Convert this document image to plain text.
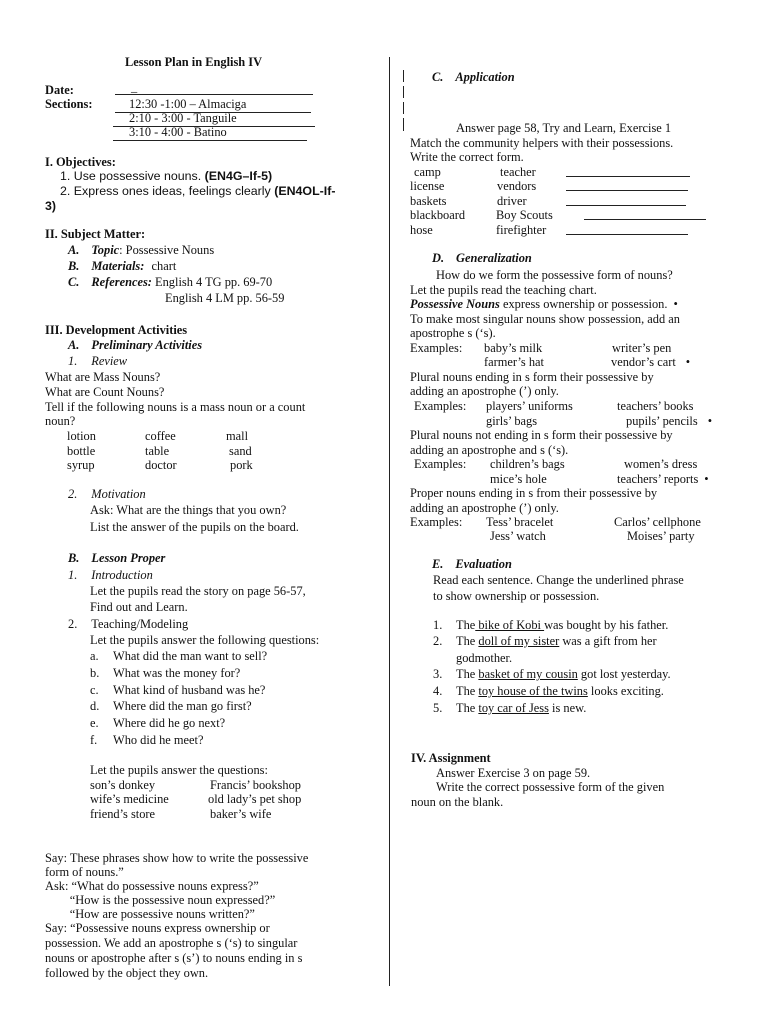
Lesson Plan in English IV
Date:	_
Sections:	12:30 -1:00 – Almaciga
2:10 - 3:00 - Tanguile
3:10 - 4:00 - Batino
I. Objectives:
1. Use possessive nouns. (EN4G–If-5)
2. Express ones ideas, feelings clearly (EN4OL-If-
3)
II. Subject Matter:
A. Topic: Possessive Nouns
B. Materials: chart
C. References: English 4 TG pp. 69-70
English 4 LM pp. 56-59
III. Development Activities
A. Preliminary Activities
1. Review
What are Mass Nouns?
What are Count Nouns?
Tell if the following nouns is a mass noun or a count
noun?
lotion	coffee	mall
bottle	table	sand
syrup	doctor	pork
2. Motivation
Ask: What are the things that you own?
List the answer of the pupils on the board.
B. Lesson Proper
1. Introduction
Let the pupils read the story on page 56-57,
Find out and Learn.
2. Teaching/Modeling
Let the pupils answer the following questions:
a. What did the man want to sell?
b. What was the money for?
c. What kind of husband was he?
d. Where did the man go first?
e. Where did he go next?
f. Who did he meet?
Let the pupils answer the questions:
son’s donkey	Francis’ bookshop
wife’s medicine	old lady’s pet shop
friend’s store	baker’s wife
Say: These phrases show how to write the possessive
form of nouns.”
Ask: “What do possessive nouns express?”
“How is the possessive noun expressed?”
“How are possessive nouns written?”
Say: “Possessive nouns express ownership or
possession. We add an apostrophe s (‘s) to singular
nouns or apostrophe after s (s’) to nouns ending in s
followed by the object they own.
C. Application
Answer page 58, Try and Learn, Exercise 1
Match the community helpers with their possessions.
Write the correct form.
camp	teacher
license	vendors
baskets	driver
blackboard Boy Scouts
hose	firefighter
D. Generalization
How do we form the possessive form of nouns?
Let the pupils read the teaching chart.
Possessive Nouns express ownership or possession. •
To make most singular nouns show possession, add an
apostrophe s (‘s).
Examples: baby’s milk	writer’s pen
farmer’s hat	vendor’s cart •
Plural nouns ending in s form their possessive by
adding an apostrophe (’) only.
Examples: players’ uniforms	teachers’ books
girls’ bags	pupils’ pencils •
Plural nouns not ending in s form their possessive by
adding an apostrophe and s (‘s).
Examples: children’s bags	women’s dress
mice’s hole	teachers’ reports •
Proper nouns ending in s from their possessive by
adding an apostrophe (’) only.
Examples: Tess’ bracelet	Carlos’ cellphone
Jess’ watch	Moises’ party
E. Evaluation
Read each sentence. Change the underlined phrase
to show ownership or possession.
1. The bike of Kobi was bought by his father.
2. The doll of my sister was a gift from her
godmother.
3. The basket of my cousin got lost yesterday.
4. The toy house of the twins looks exciting.
5. The toy car of Jess is new.
IV. Assignment
Answer Exercise 3 on page 59.
Write the correct possessive form of the given
noun on the blank.
